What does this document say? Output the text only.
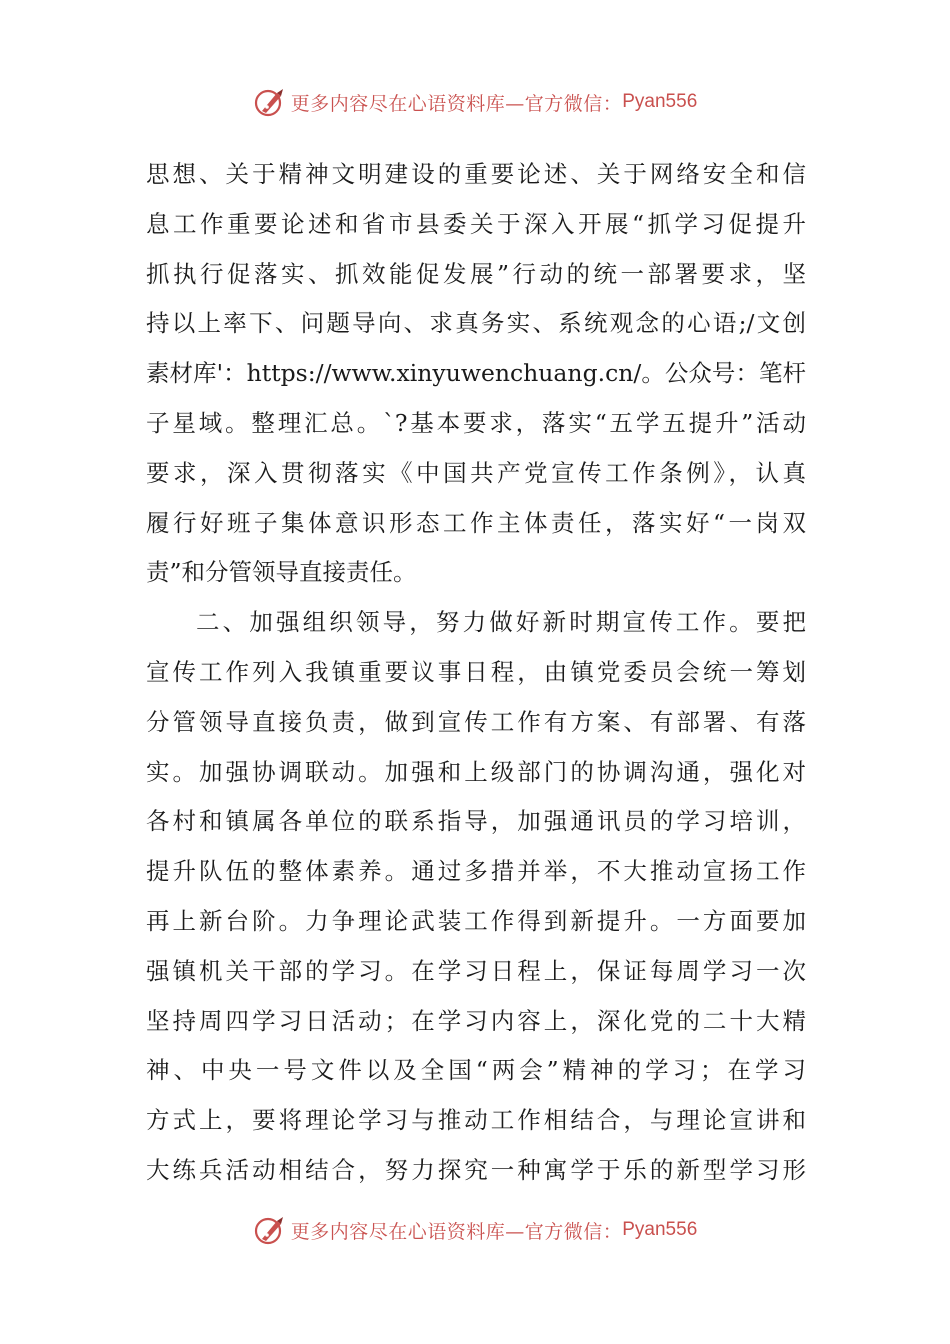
更多内容尽在心语资料库— 官方微信： Pyan556
思想、关于精神文明建设的重要论述、关于网络安全和信
息工作重要论述和省市县委关于深入开展“抓学习促提升
抓执行促落实、抓效能促发展”行动的统一部署要求，坚
持以上率下、问题导向、求真务实、系统观念的心语;/文创
素材库'：https://www.xinyuwenchuang.cn/。公众号：笔杆
子星域。整理汇总。`?基本要求，落实“五学五提升”活动
要求，深入贯彻落实《中国共产党宣传工作条例》，认真
履行好班子集体意识形态工作主体责任，落实好“一岗双
责”和分管领导直接责任。
二、加强组织领导，努力做好新时期宣传工作。要把
宣传工作列入我镇重要议事日程，由镇党委员会统一筹划
分管领导直接负责，做到宣传工作有方案、有部署、有落
实。加强协调联动。加强和上级部门的协调沟通，强化对
各村和镇属各单位的联系指导，加强通讯员的学习培训，
提升队伍的整体素养。通过多措并举，不大推动宣扬工作
再上新台阶。力争理论武装工作得到新提升。一方面要加
强镇机关干部的学习。在学习日程上，保证每周学习一次
坚持周四学习日活动；在学习内容上，深化党的二十大精
神、中央一号文件以及全国“两会”精神的学习；在学习
方式上，要将理论学习与推动工作相结合，与理论宣讲和
大练兵活动相结合，努力探究一种寓学于乐的新型学习形
更多内容尽在心语资料库— 官方微信： Pyan556
